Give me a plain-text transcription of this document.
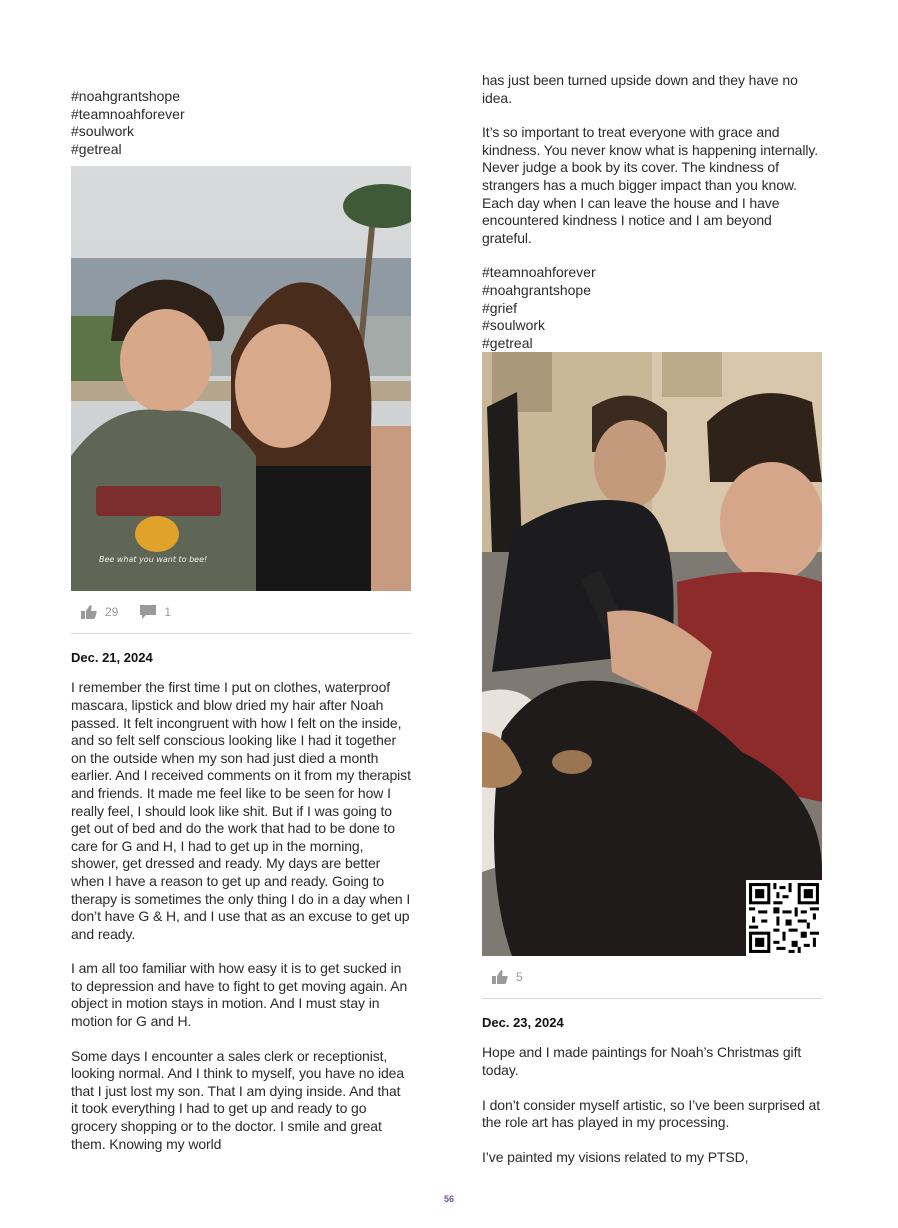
#noahgrantshope
#teamnoahforever
#soulwork
#getreal
Bee what you want to bee!
29	1
Dec. 21, 2024

I remember the first time I put on clothes, waterproof mascara, lipstick and blow dried my hair after Noah passed. It felt incongruent with how I felt on the inside, and so felt self conscious looking like I had it together on the outside when my son had just died a month earlier. And I received comments on it from my therapist and friends. It made me feel like to be seen for how I really feel, I should look like shit. But if I was going to get out of bed and do the work that had to be done to care for G and H, I had to get up in the morning, shower, get dressed and ready. My days are better when I have a reason to get up and ready. Going to therapy is sometimes the only thing I do in a day when I don’t have G & H, and I use that as an excuse to get up and ready.

I am all too familiar with how easy it is to get sucked in to depression and have to fight to get moving again. An object in motion stays in motion. And I must stay in motion for G and H.

Some days I encounter a sales clerk or receptionist, looking normal. And I think to myself, you have no idea that I just lost my son. That I am dying inside. And that it took everything I had to get up and ready to go grocery shopping or to the doctor. I smile and great them. Knowing my world

has just been turned upside down and they have no idea.

It’s so important to treat everyone with grace and kindness. You never know what is happening internally. Never judge a book by its cover. The kindness of strangers has a much bigger impact than you know. Each day when I can leave the house and I have encountered kindness I notice and I am beyond grateful.

#teamnoahforever
#noahgrantshope
#grief
#soulwork
#getreal
5
Dec. 23, 2024

Hope and I made paintings for Noah’s Christmas gift today.

I don’t consider myself artistic, so I’ve been surprised at the role art has played in my processing.

I’ve painted my visions related to my PTSD,

56
